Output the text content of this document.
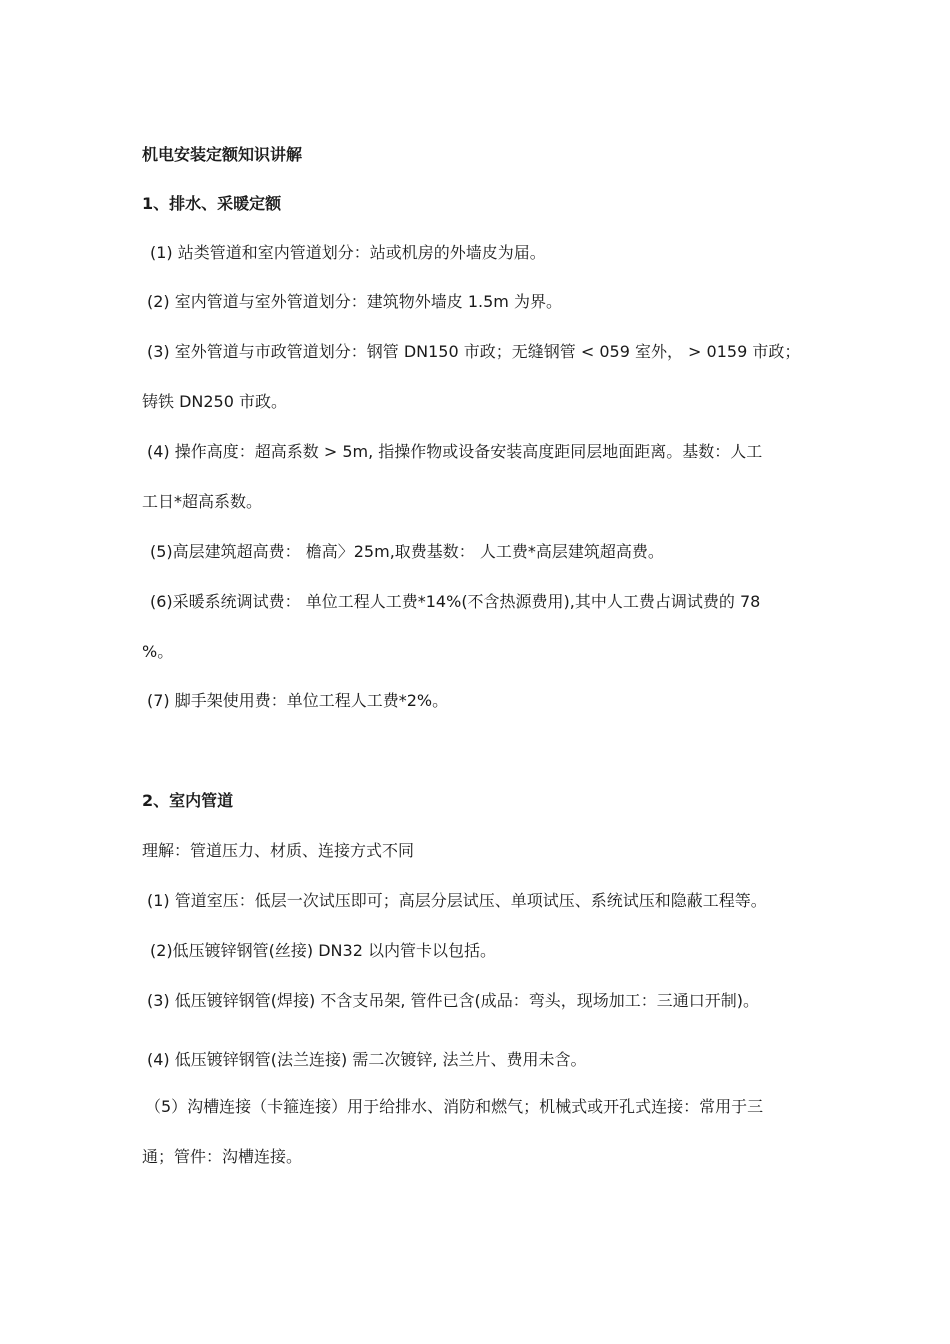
机电安装定额知识讲解
1、排水、采暖定额
(1) 站类管道和室内管道划分：站或机房的外墙皮为届。
(2) 室内管道与室外管道划分：建筑物外墙皮 1.5m 为界。
(3) 室外管道与市政管道划分：钢管 DN150 市政；无缝钢管 < 059 室外， > 0159 市政；
铸铁 DN250 市政。
(4) 操作高度：超高系数 > 5m, 指操作物或设备安装高度距同层地面距离。基数：人工
工日*超高系数。
(5)高层建筑超高费： 檐高〉25m,取费基数： 人工费*高层建筑超高费。
(6)采暖系统调试费： 单位工程人工费*14%(不含热源费用),其中人工费占调试费的 78
%。
(7) 脚手架使用费：单位工程人工费*2%。
2、室内管道
理解：管道压力、材质、连接方式不同
(1) 管道室压：低层一次试压即可；高层分层试压、单项试压、系统试压和隐蔽工程等。
(2)低压镀锌钢管(丝接) DN32 以内管卡以包括。
(3) 低压镀锌钢管(焊接) 不含支吊架, 管件已含(成品：弯头，现场加工：三通口开制)。
(4) 低压镀锌钢管(法兰连接) 需二次镀锌, 法兰片、费用未含。
（5）沟槽连接（卡箍连接）用于给排水、消防和燃气；机械式或开孔式连接：常用于三
通；管件：沟槽连接。
